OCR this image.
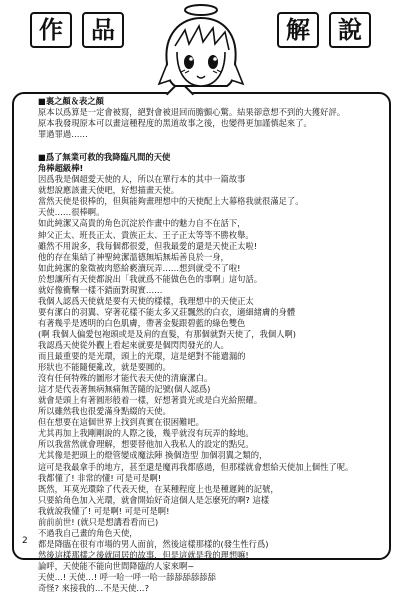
作 品	解 說
■裏之顏＆表之顏
原本以爲算是一定會被寫，絕對會被退回而膽顫心驚。結果卻意想不到的大獲好評。
原本我發現原本可以畫這種程度的黑道故事之後，也變得更加謹慎起來了。
罪過罪過……
■爲了無業可救的我降臨凡間的天使
角棒超級棒!
因爲我是個超愛天使的人，所以在單行本的其中一篇故事
就想說應該畫天使吧，好想描畫天使。
當然天使是很棒的，但與能夠畫理想中的天使配上大幕格我就很滿足了。
天使……很棒啊。
如此純潔又高貴的角色沉淀於作畫中的魅力自不在話下，
紳父正太、班長正太、貴族正太、王子正太等等不勝枚舉。
雖然不用說多，我每個都很愛，但我最愛的還是天使正太啦!
他的存在集結了神聖純潔溫德無垢無垢善良於一身，
如此純潔的象徵被肉慾給褻瀆玩弄……想到就受不了啦!
於想讓所有天使都說出「我就爲不能做色色的事啊」這句話。
就好像衝擊一樣不錯面對現實……
我個人認爲天使就是要有天使的樣樣，我理想中的天使正太
要有潔白的羽翼、穿著花樣不能太多又莊飄然的白衣，適細緒膚的身體
有著幾乎是透明的白色肌膚，帶著金髮跟碧藍的綠色雙色
(啊 我個人偏愛包袍頭或是及肩的直髮，有那個就對天使了，我個人啊)
我認爲天使從外觀上看起來就要是個閃閃發光的人。
而且最重要的是光環，頭上的光環，這是絕對不能遺漏的
形狀也不能隨便亂改，就是要圓的。
沒有任何特殊的圖形才能代表天使的清廉潔白。
這才是代表著無病無痛無苦隨的記號(個人認爲)
就會是頭上有著圓形般着一樣，好想著貴光或是白光給照耀。
所以雖然我也很愛滿身點綴的天使。
但在想要在這個世界上找到真實在很困難吧。
尤其再加上我剛剛說的人際之後，幾乎就沒有玩弄的餘地。
所以我當然就會理解，想要替他加入我私人的設定的點兒。
尤其像是把頭上的燈管變成魔法陣 換個造型 加個羽翼之類的，
這可是我最拿手的地方，甚至還是魔再我都感過，但那樣就會想給天使加上個性了呢。
我都懂了! 非常的懂! 可是可是啊!
既然，耳莫光環除了代表天使，在某種程度上也是種遲鈍的記號，
只要給角色加入光環，就會開始好奇這個人是怎麼死的啊? 這樣
我就說我懂了! 可是啊! 可是可是啊!
前前前世! (就只是想講看看而已)
不過我自己畫的角色天使，
都是降臨在很有市場的男人面前，然後這樣那樣的(發生性行爲)
然後這樣那樣之後就同居的故事，但是這就是我的理想嘛!
論呼，天使能不能向世間降臨的人家來啊~
天使…! 天使…! 呼一哈一呼一哈一舔舔舔舔舔舔
奇怪? 來接我的…不是天使…?
2
